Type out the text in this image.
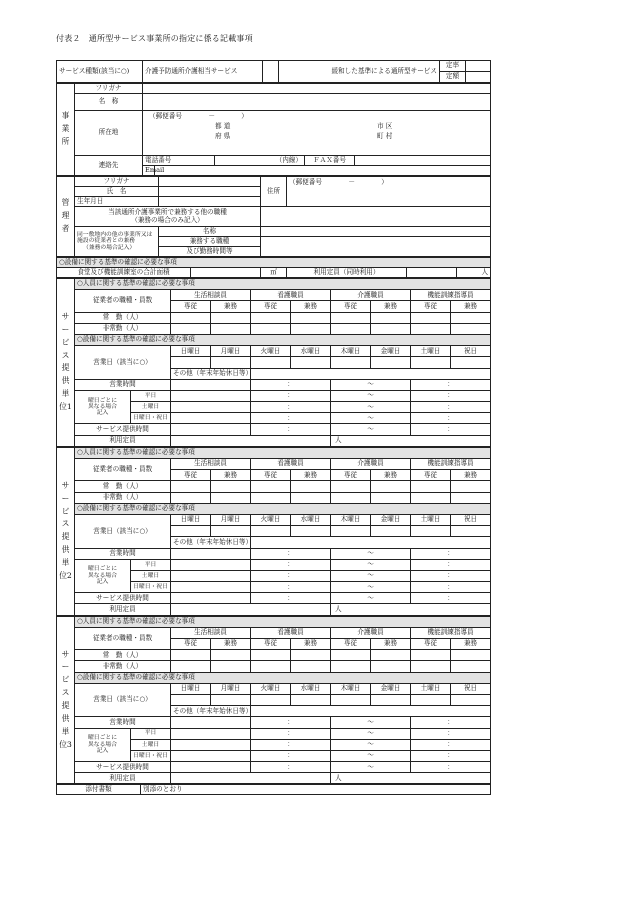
付表２　通所型サービス事業所の指定に係る記載事項
サービス種類(該当に○)	介護予防通所介護相当サービス		緩和した基準による通所型サービス	定率	
				定額	
事業所	フリガナ					
	名　称					
	所在地	（郵便番号　　　　－　　　　）
都 道
府 県
市 区
町 村				

	連絡先	電話番号		（内線）	ＦＡＸ番号	
		Email				
管理者	フリガナ		住所	（郵便番号　　　　－　　　　）
	氏　名			
	生年月日			

	当該通所介護事業所で兼務する他の職種
（兼務の場合のみ記入）			

	同一敷地内の他の事業所又は
施設の従業者との兼務
（兼務の場合記入）	名称		
		兼務する職種		
		及び勤務時間等		
○設備に関する基準の確認に必要な事項
食堂及び機能訓練室の合計面積		㎡	利用定員（同時利用）		人
サービス提供単位1	○人員に関する基準の確認に必要な事項									
	従業者の職種・員数		生活相談員		看護職員		介護職員		機能訓練指導員	
			専従	兼務	専従	兼務	専従	兼務	専従	兼務
	常　勤（人）									
	非常勤（人）									
	○設備に関する基準の確認に必要な事項									
	営業日（該当に○）		日曜日	月曜日	火曜日	水曜日	木曜日	金曜日	土曜日	祝日

			その他（年末年始休日等）							
	営業時間				：		～		：	

	曜日ごとに
異なる場合
記入	平日			：		～		：	
		土曜日			：		～		：	
		日曜日・祝日			：		～		：	
	サービス提供時間				：		～		：	
	利用定員						人			
サービス提供単位2	○人員に関する基準の確認に必要な事項									
	従業者の職種・員数		生活相談員		看護職員		介護職員		機能訓練指導員	
			専従	兼務	専従	兼務	専従	兼務	専従	兼務
	常　勤（人）									
	非常勤（人）									
	○設備に関する基準の確認に必要な事項									
	営業日（該当に○）		日曜日	月曜日	火曜日	水曜日	木曜日	金曜日	土曜日	祝日

			その他（年末年始休日等）							
	営業時間				：		～		：	

	曜日ごとに
異なる場合
記入	平日			：		～		：	
		土曜日			：		～		：	
		日曜日・祝日			：		～		：	
	サービス提供時間				：		～		：	
	利用定員						人			
サービス提供単位3	○人員に関する基準の確認に必要な事項									
	従業者の職種・員数		生活相談員		看護職員		介護職員		機能訓練指導員	
			専従	兼務	専従	兼務	専従	兼務	専従	兼務
	常　勤（人）									
	非常勤（人）									
	○設備に関する基準の確認に必要な事項									
	営業日（該当に○）		日曜日	月曜日	火曜日	水曜日	木曜日	金曜日	土曜日	祝日

			その他（年末年始休日等）							
	営業時間				：		～		：	

	曜日ごとに
異なる場合
記入	平日			：		～		：	
		土曜日			：		～		：	
		日曜日・祝日			：		～		：	
	サービス提供時間				：		～		：	
	利用定員						人			
添付書類	別添のとおり
